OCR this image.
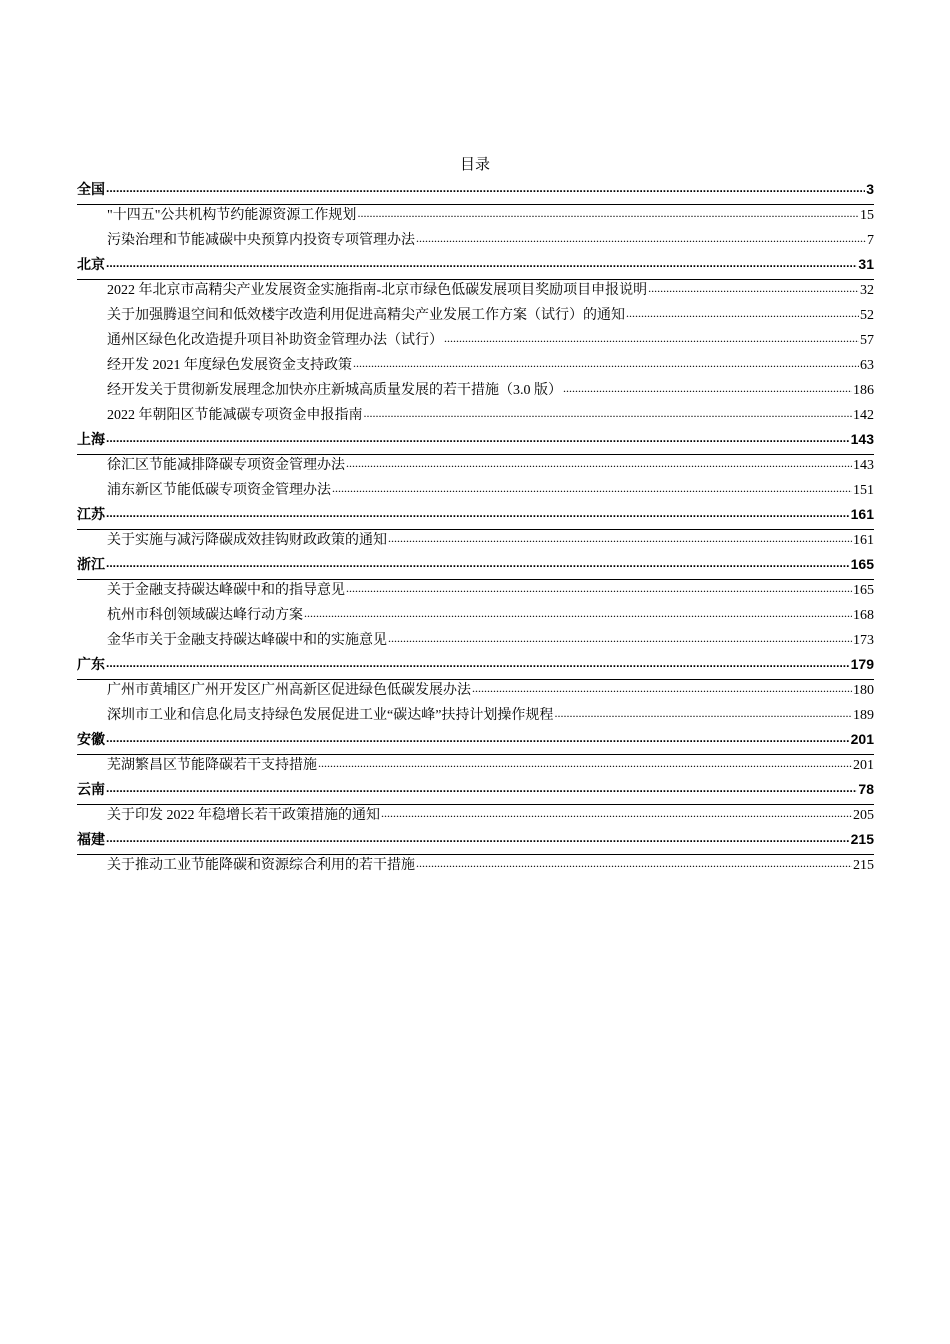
目录
全国 .....	3
"十四五"公共机构节约能源资源工作规划 .....	15
污染治理和节能减碳中央预算内投资专项管理办法 .....	7
北京 .....	31
2022 年北京市高精尖产业发展资金实施指南-北京市绿色低碳发展项目奖励项目申报说明 .....	32
关于加强腾退空间和低效楼宇改造利用促进高精尖产业发展工作方案（试行）的通知 .....	52
通州区绿色化改造提升项目补助资金管理办法（试行） .....	57
经开发 2021 年度绿色发展资金支持政策 .....	63
经开发关于贯彻新发展理念加快亦庄新城高质量发展的若干措施（3.0 版） .....	186
2022 年朝阳区节能减碳专项资金申报指南 .....	142
上海 .....	143
徐汇区节能减排降碳专项资金管理办法 .....	143
浦东新区节能低碳专项资金管理办法 .....	151
江苏 .....	161
关于实施与减污降碳成效挂钩财政政策的通知 .....	161
浙江 .....	165
关于金融支持碳达峰碳中和的指导意见 .....	165
杭州市科创领域碳达峰行动方案 .....	168
金华市关于金融支持碳达峰碳中和的实施意见 .....	173
广东 .....	179
广州市黄埔区广州开发区广州高新区促进绿色低碳发展办法 .....	180
深圳市工业和信息化局支持绿色发展促进工业“碳达峰”扶持计划操作规程 .....	189
安徽 .....	201
芜湖繁昌区节能降碳若干支持措施 .....	201
云南 .....	78
关于印发 2022 年稳增长若干政策措施的通知 .....	205
福建 .....	215
关于推动工业节能降碳和资源综合利用的若干措施 .....	215
